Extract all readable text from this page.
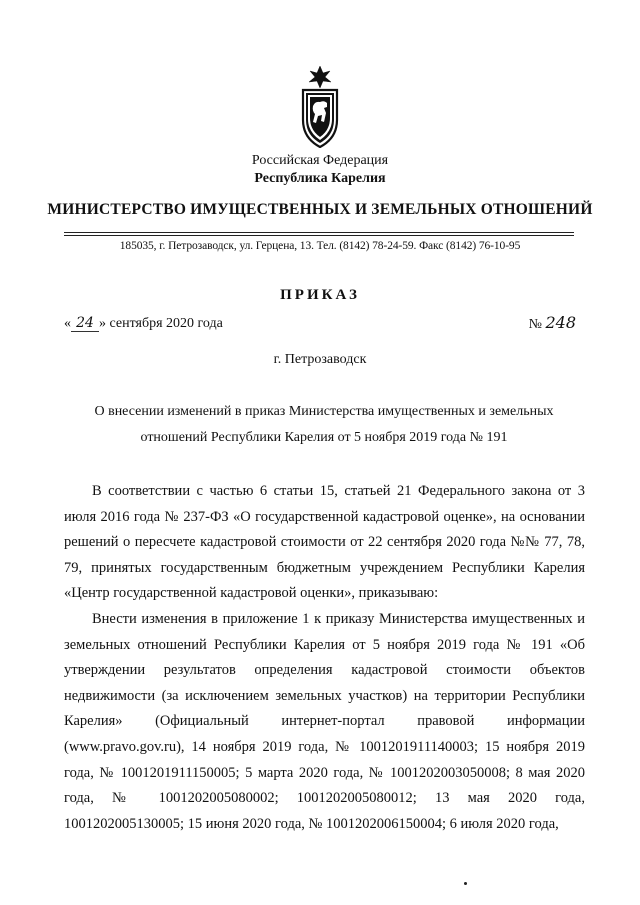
Российская Федерация
Республика Карелия
МИНИСТЕРСТВО ИМУЩЕСТВЕННЫХ И ЗЕМЕЛЬНЫХ ОТНОШЕНИЙ
185035, г. Петрозаводск, ул. Герцена, 13. Тел. (8142) 78-24-59. Факс (8142) 76-10-95
ПРИКАЗ
« 24 » сентября 2020 года	№ 248
г. Петрозаводск
О внесении изменений в приказ Министерства имущественных и земельных
отношений Республики Карелия от 5 ноября 2019 года № 191

В соответствии с частью 6 статьи 15, статьей 21 Федерального закона от 3 июля 2016 года № 237-ФЗ «О государственной кадастровой оценке», на основании решений о пересчете кадастровой стоимости от 22 сентября 2020 года №№ 77, 78, 79, принятых государственным бюджетным учреждением Республики Карелия «Центр государственной кадастровой оценки», приказываю:

Внести изменения в приложение 1 к приказу Министерства имущественных и земельных отношений Республики Карелия от 5 ноября 2019 года № 191 «Об утверждении результатов определения кадастровой стоимости объектов недвижимости (за исключением земельных участков) на территории Республики Карелия» (Официальный интернет-портал правовой информации (www.pravo.gov.ru), 14 ноября 2019 года, № 1001201911140003; 15 ноября 2019 года, № 1001201911150005; 5 марта 2020 года, № 1001202003050008; 8 мая 2020 года, № 1001202005080002; 1001202005080012; 13 мая 2020 года, 1001202005130005; 15 июня 2020 года, № 1001202006150004; 6 июля 2020 года,
